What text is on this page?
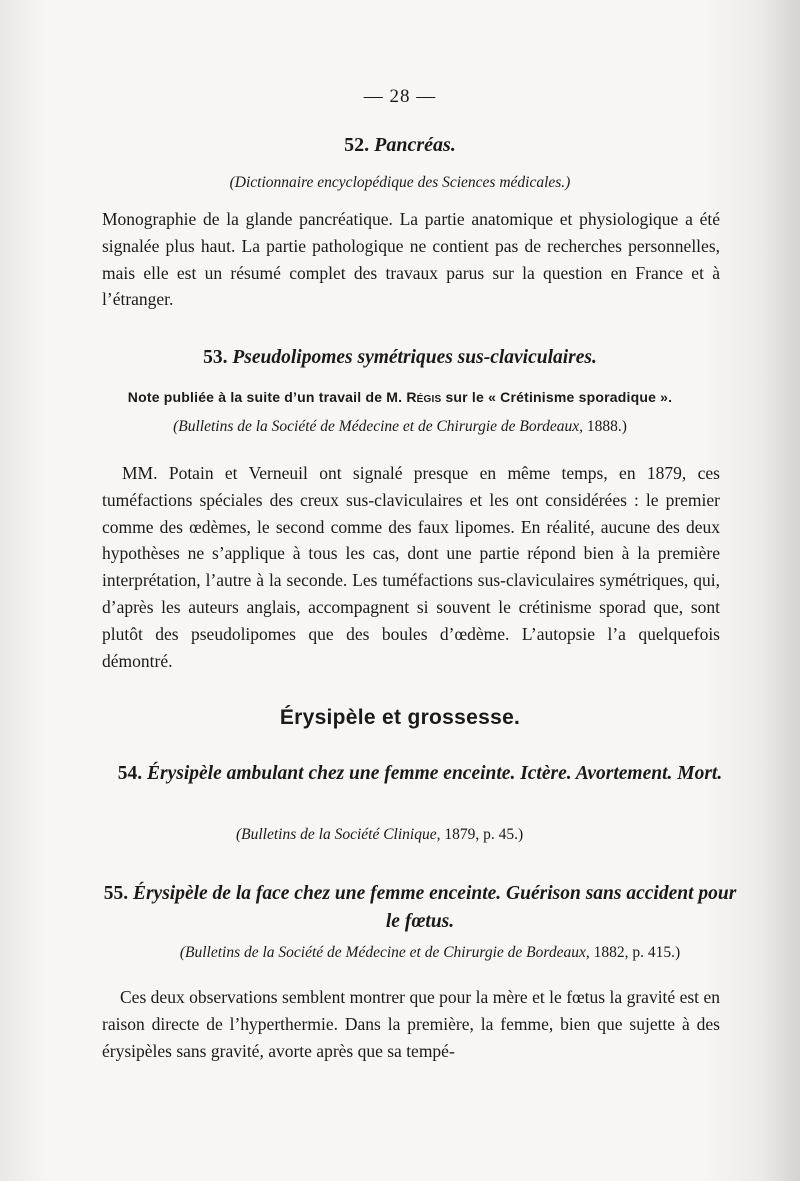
— 28 —
52. Pancréas.
(Dictionnaire encyclopédique des Sciences médicales.)

Monographie de la glande pancréatique. La partie anatomique et physiologique a été signalée plus haut. La partie pathologique ne contient pas de recherches personnelles, mais elle est un résumé complet des travaux parus sur la question en France et à l’étranger.

53. Pseudolipomes symétriques sus-claviculaires.
Note publiée à la suite d’un travail de M. Régis sur le « Crétinisme sporadique ».
(Bulletins de la Société de Médecine et de Chirurgie de Bordeaux, 1888.)

MM. Potain et Verneuil ont signalé presque en même temps, en 1879, ces tuméfactions spéciales des creux sus-claviculaires et les ont considérées : le premier comme des œdèmes, le second comme des faux lipomes. En réalité, aucune des deux hypothèses ne s’applique à tous les cas, dont une partie répond bien à la première interprétation, l’autre à la seconde. Les tuméfactions sus-claviculaires symétriques, qui, d’après les auteurs anglais, accompagnent si souvent le crétinisme sporad que, sont plutôt des pseudolipomes que des boules d’œdème. L’autopsie l’a quelquefois démontré.

Érysipèle et grossesse.
54. Érysipèle ambulant chez une femme enceinte. Ictère. Avortement. Mort.
(Bulletins de la Société Clinique, 1879, p. 45.)
55. Érysipèle de la face chez une femme enceinte. Guérison sans accident pour le fœtus.
(Bulletins de la Société de Médecine et de Chirurgie de Bordeaux, 1882, p. 415.)

Ces deux observations semblent montrer que pour la mère et le fœtus la gravité est en raison directe de l’hyperthermie. Dans la première, la femme, bien que sujette à des érysipèles sans gravité, avorte après que sa tempé-
